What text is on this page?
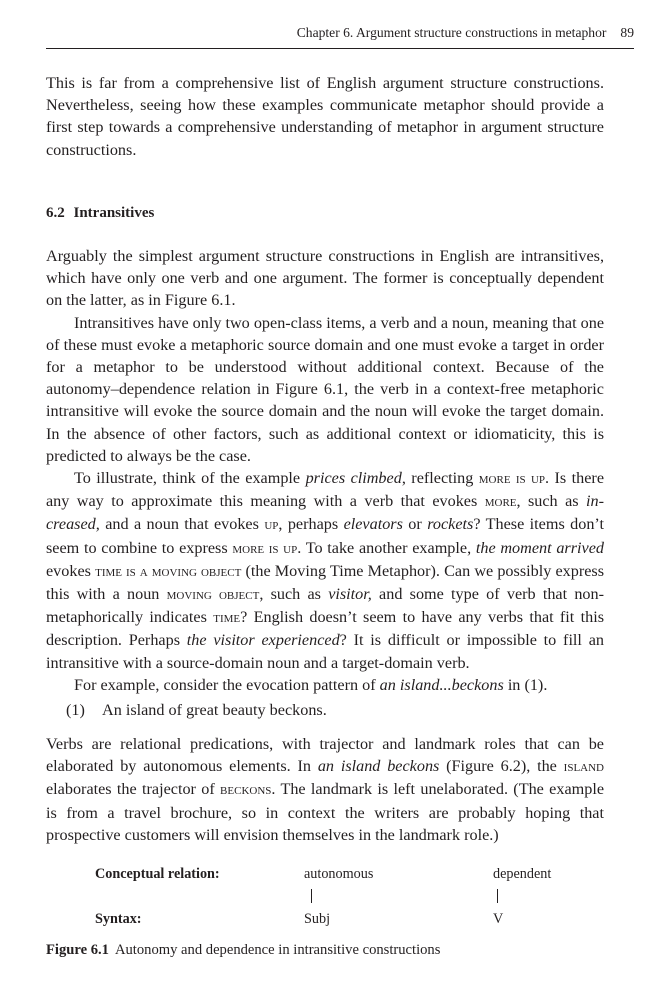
Chapter 6. Argument structure constructions in metaphor 89

This is far from a comprehensive list of English argument structure constructions. Nevertheless, seeing how these examples communicate metaphor should provide a first step towards a comprehensive understanding of metaphor in argument structure constructions.

6.2 Intransitives

Arguably the simplest argument structure constructions in English are intransitives, which have only one verb and one argument. The former is conceptually dependent on the latter, as in Figure 6.1.

Intransitives have only two open-class items, a verb and a noun, meaning that one of these must evoke a metaphoric source domain and one must evoke a target in order for a metaphor to be understood without additional context. Because of the autonomy–dependence relation in Figure 6.1, the verb in a context-free metaphoric intransitive will evoke the source domain and the noun will evoke the target domain. In the absence of other factors, such as additional context or idiomaticity, this is predicted to always be the case.

To illustrate, think of the example prices climbed, reflecting more is up. Is there any way to approximate this meaning with a verb that evokes more, such as increased, and a noun that evokes up, perhaps elevators or rockets? These items don’t seem to combine to express more is up. To take another example, the moment arrived evokes time is a moving object (the Moving Time Metaphor). Can we possibly express this with a noun moving object, such as visitor, and some type of verb that non-metaphorically indicates time? English doesn’t seem to have any verbs that fit this description. Perhaps the visitor experienced? It is difficult or impossible to fill an intransitive with a source-domain noun and a target-domain verb.

For example, consider the evocation pattern of an island...beckons in (1).

(1) An island of great beauty beckons.

Verbs are relational predications, with trajector and landmark roles that can be elaborated by autonomous elements. In an island beckons (Figure 6.2), the island elaborates the trajector of beckons. The landmark is left unelaborated. (The example is from a travel brochure, so in context the writers are probably hoping that prospective customers will envision themselves in the landmark role.)

Conceptual relation:	autonomous	dependent
Syntax:	Subj	V
Figure 6.1 Autonomy and dependence in intransitive constructions
